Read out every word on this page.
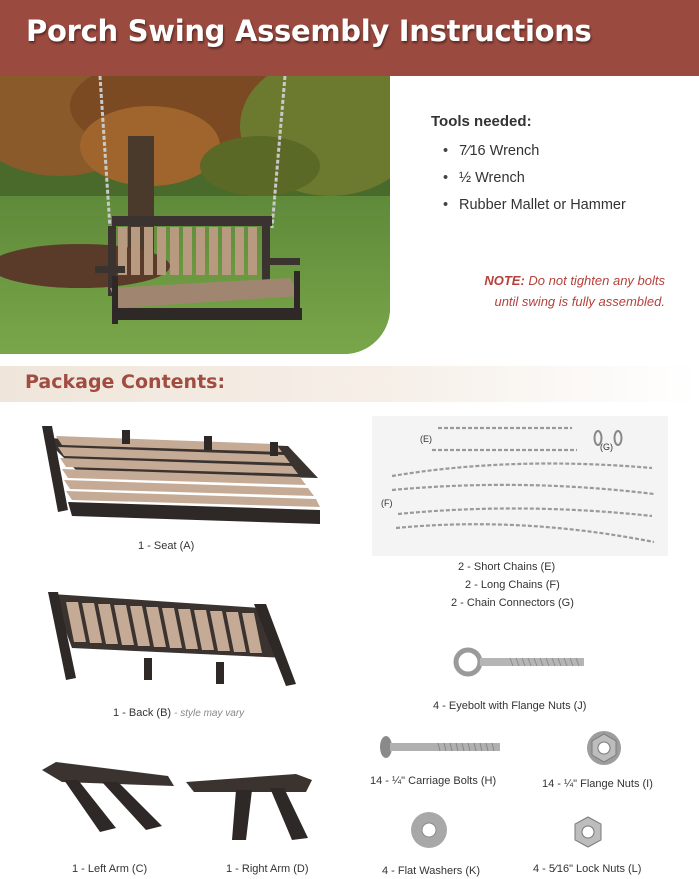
Porch Swing Assembly Instructions
Tools needed:
• 7⁄16 Wrench
• ½ Wrench
• Rubber Mallet or Hammer
NOTE: Do not tighten any bolts
until swing is fully assembled.
Package Contents:
1 - Seat (A)
(E)
(F)
(G)
2 - Short Chains (E)
2 - Long Chains (F)
2 - Chain Connectors (G)
1 - Back (B) - style may vary
4 - Eyebolt with Flange Nuts (J)
14 - ¼" Carriage Bolts (H)	14 - ¼" Flange Nuts (I)
1 - Left Arm (C)	1 - Right Arm (D)	4 - Flat Washers (K)	4 - 5⁄16" Lock Nuts (L)
